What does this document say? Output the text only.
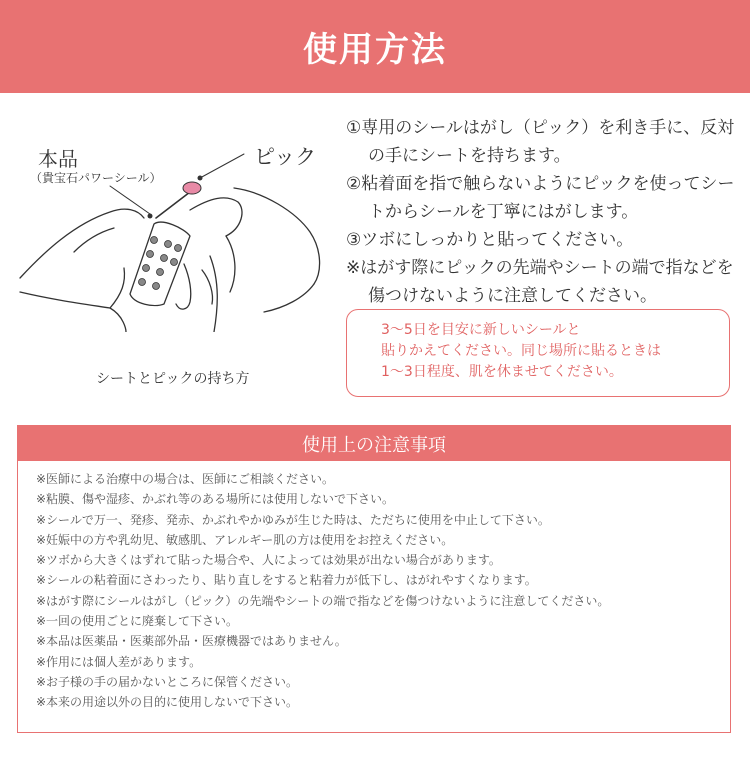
使用方法
本品
（貴宝石パワーシール）
ピック
シートとピックの持ち方

①専用のシールはがし（ピック）を利き手に、反対の手にシートを持ちます。

②粘着面を指で触らないようにピックを使ってシートからシールを丁寧にはがします。

③ツボにしっかりと貼ってください。

※はがす際にピックの先端やシートの端で指などを傷つけないように注意してください。

3～5日を目安に新しいシールと

貼りかえてください。同じ場所に貼るときは

1～3日程度、肌を休ませてください。

使用上の注意事項
※医師による治療中の場合は、医師にご相談ください。
※粘膜、傷や湿疹、かぶれ等のある場所には使用しないで下さい。
※シールで万一、発疹、発赤、かぶれやかゆみが生じた時は、ただちに使用を中止して下さい。
※妊娠中の方や乳幼児、敏感肌、アレルギー肌の方は使用をお控えください。
※ツボから大きくはずれて貼った場合や、人によっては効果が出ない場合があります。
※シールの粘着面にさわったり、貼り直しをすると粘着力が低下し、はがれやすくなります。
※はがす際にシールはがし（ピック）の先端やシートの端で指などを傷つけないように注意してください。
※一回の使用ごとに廃棄して下さい。
※本品は医薬品・医薬部外品・医療機器ではありません。
※作用には個人差があります。
※お子様の手の届かないところに保管ください。
※本来の用途以外の目的に使用しないで下さい。
